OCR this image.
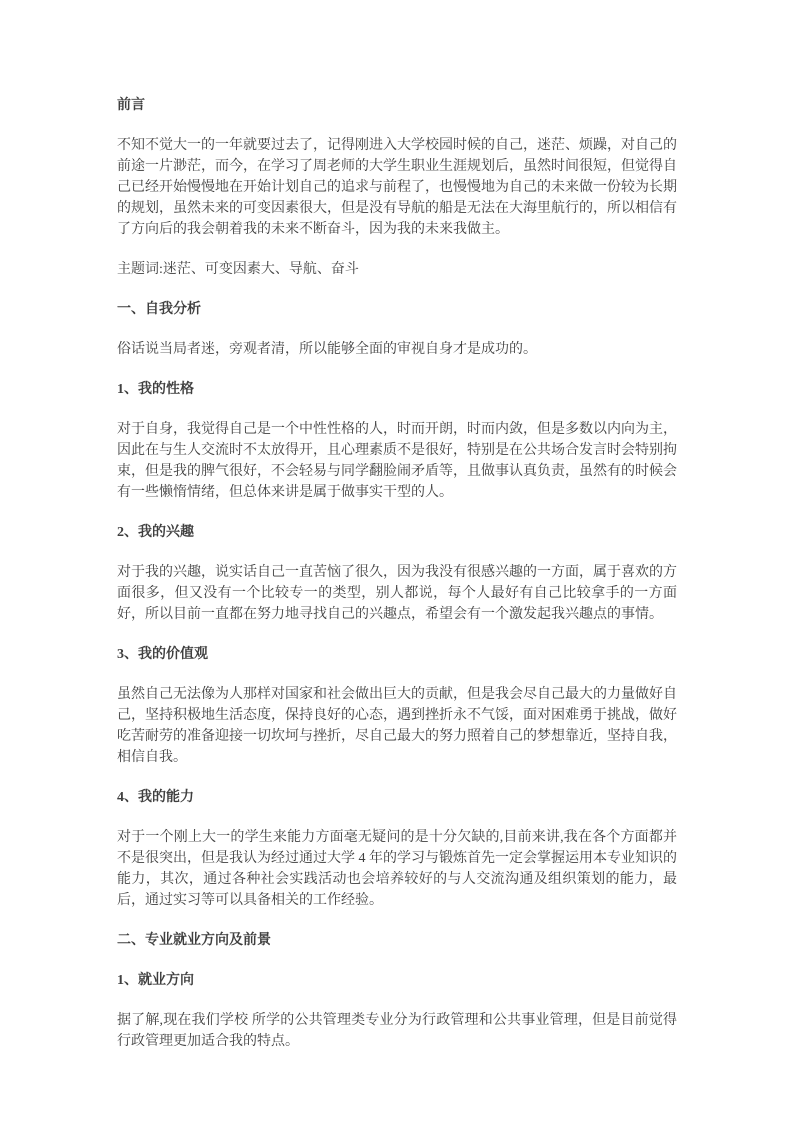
前言
不知不觉大一的一年就要过去了，记得刚进入大学校园时候的自己，迷茫、烦躁，对自己的前途一片渺茫，而今，在学习了周老师的大学生职业生涯规划后，虽然时间很短，但觉得自己已经开始慢慢地在开始计划自己的追求与前程了，也慢慢地为自己的未来做一份较为长期的规划，虽然未来的可变因素很大，但是没有导航的船是无法在大海里航行的，所以相信有了方向后的我会朝着我的未来不断奋斗，因为我的未来我做主。
主题词:迷茫、可变因素大、导航、奋斗
一、自我分析
俗话说当局者迷，旁观者清，所以能够全面的审视自身才是成功的。
1、我的性格
对于自身，我觉得自己是一个中性性格的人，时而开朗，时而内敛，但是多数以内向为主，因此在与生人交流时不太放得开，且心理素质不是很好，特别是在公共场合发言时会特别拘束，但是我的脾气很好，不会轻易与同学翻脸闹矛盾等，且做事认真负责，虽然有的时候会有一些懒惰情绪，但总体来讲是属于做事实干型的人。
2、我的兴趣
对于我的兴趣，说实话自己一直苦恼了很久，因为我没有很感兴趣的一方面，属于喜欢的方面很多，但又没有一个比较专一的类型，别人都说，每个人最好有自己比较拿手的一方面好，所以目前一直都在努力地寻找自己的兴趣点，希望会有一个激发起我兴趣点的事情。
3、我的价值观
虽然自己无法像为人那样对国家和社会做出巨大的贡献，但是我会尽自己最大的力量做好自己，坚持积极地生活态度，保持良好的心态，遇到挫折永不气馁，面对困难勇于挑战，做好吃苦耐劳的准备迎接一切坎坷与挫折，尽自己最大的努力照着自己的梦想靠近，坚持自我，相信自我。
4、我的能力
对于一个刚上大一的学生来能力方面毫无疑问的是十分欠缺的,目前来讲,我在各个方面都并不是很突出，但是我认为经过通过大学 4 年的学习与锻炼首先一定会掌握运用本专业知识的能力，其次，通过各种社会实践活动也会培养较好的与人交流沟通及组织策划的能力，最后，通过实习等可以具备相关的工作经验。
二、专业就业方向及前景
1、就业方向
据了解,现在我们学校 所学的公共管理类专业分为行政管理和公共事业管理，但是目前觉得行政管理更加适合我的特点。
